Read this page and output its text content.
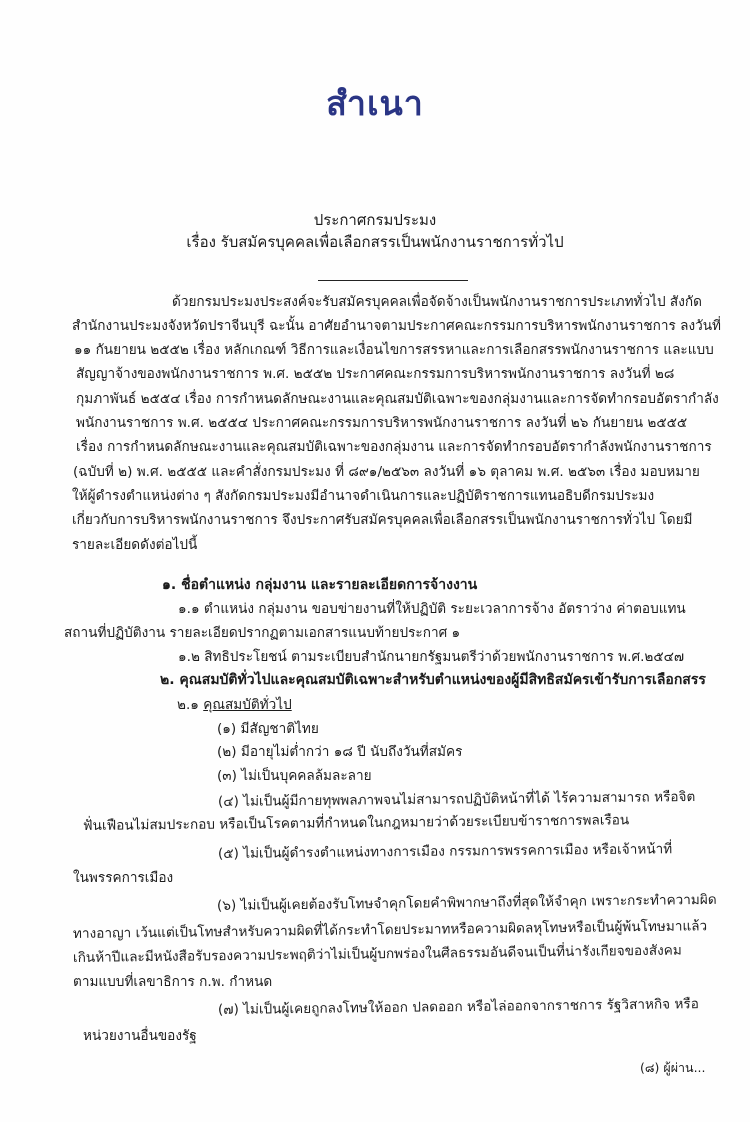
สำเนา
ประกาศกรมประมง
เรื่อง รับสมัครบุคคลเพื่อเลือกสรรเป็นพนักงานราชการทั่วไป
ด้วยกรมประมงประสงค์จะรับสมัครบุคคลเพื่อจัดจ้างเป็นพนักงานราชการประเภททั่วไป สังกัด
สำนักงานประมงจังหวัดปราจีนบุรี ฉะนั้น อาศัยอำนาจตามประกาศคณะกรรมการบริหารพนักงานราชการ ลงวันที่
๑๑ กันยายน ๒๕๕๒ เรื่อง หลักเกณฑ์ วิธีการและเงื่อนไขการสรรหาและการเลือกสรรพนักงานราชการ และแบบ
สัญญาจ้างของพนักงานราชการ พ.ศ. ๒๕๕๒ ประกาศคณะกรรมการบริหารพนักงานราชการ ลงวันที่ ๒๘
กุมภาพันธ์ ๒๕๕๔ เรื่อง การกำหนดลักษณะงานและคุณสมบัติเฉพาะของกลุ่มงานและการจัดทำกรอบอัตรากำลัง
พนักงานราชการ พ.ศ. ๒๕๕๔ ประกาศคณะกรรมการบริหารพนักงานราชการ ลงวันที่ ๒๖ กันยายน ๒๕๕๕
เรื่อง การกำหนดลักษณะงานและคุณสมบัติเฉพาะของกลุ่มงาน และการจัดทำกรอบอัตรากำลังพนักงานราชการ
(ฉบับที่ ๒) พ.ศ. ๒๕๕๕ และคำสั่งกรมประมง ที่ ๘๙๑/๒๕๖๓ ลงวันที่ ๑๖ ตุลาคม พ.ศ. ๒๕๖๓ เรื่อง มอบหมาย
ให้ผู้ดำรงตำแหน่งต่าง ๆ สังกัดกรมประมงมีอำนาจดำเนินการและปฏิบัติราชการแทนอธิบดีกรมประมง
เกี่ยวกับการบริหารพนักงานราชการ จึงประกาศรับสมัครบุคคลเพื่อเลือกสรรเป็นพนักงานราชการทั่วไป โดยมี
รายละเอียดดังต่อไปนี้
๑. ชื่อตำแหน่ง กลุ่มงาน และรายละเอียดการจ้างงาน
๑.๑ ตำแหน่ง กลุ่มงาน ขอบข่ายงานที่ให้ปฏิบัติ ระยะเวลาการจ้าง อัตราว่าง ค่าตอบแทน
สถานที่ปฏิบัติงาน รายละเอียดปรากฏตามเอกสารแนบท้ายประกาศ ๑
๑.๒ สิทธิประโยชน์ ตามระเบียบสำนักนายกรัฐมนตรีว่าด้วยพนักงานราชการ พ.ศ.๒๕๔๗
๒. คุณสมบัติทั่วไปและคุณสมบัติเฉพาะสำหรับตำแหน่งของผู้มีสิทธิสมัครเข้ารับการเลือกสรร
๒.๑ คุณสมบัติทั่วไป
(๑) มีสัญชาติไทย
(๒) มีอายุไม่ต่ำกว่า ๑๘ ปี นับถึงวันที่สมัคร
(๓) ไม่เป็นบุคคลล้มละลาย
(๔) ไม่เป็นผู้มีกายทุพพลภาพจนไม่สามารถปฏิบัติหน้าที่ได้ ไร้ความสามารถ หรือจิต
ฟั่นเฟือนไม่สมประกอบ หรือเป็นโรคตามที่กำหนดในกฎหมายว่าด้วยระเบียบข้าราชการพลเรือน
(๕) ไม่เป็นผู้ดำรงตำแหน่งทางการเมือง กรรมการพรรคการเมือง หรือเจ้าหน้าที่
ในพรรคการเมือง
(๖) ไม่เป็นผู้เคยต้องรับโทษจำคุกโดยคำพิพากษาถึงที่สุดให้จำคุก เพราะกระทำความผิด
ทางอาญา เว้นแต่เป็นโทษสำหรับความผิดที่ได้กระทำโดยประมาทหรือความผิดลหุโทษหรือเป็นผู้พ้นโทษมาแล้ว
เกินห้าปีและมีหนังสือรับรองความประพฤติว่าไม่เป็นผู้บกพร่องในศีลธรรมอันดีจนเป็นที่น่ารังเกียจของสังคม
ตามแบบที่เลขาธิการ ก.พ. กำหนด
(๗) ไม่เป็นผู้เคยถูกลงโทษให้ออก ปลดออก หรือไล่ออกจากราชการ รัฐวิสาหกิจ หรือ
หน่วยงานอื่นของรัฐ
(๘) ผู้ผ่าน...
